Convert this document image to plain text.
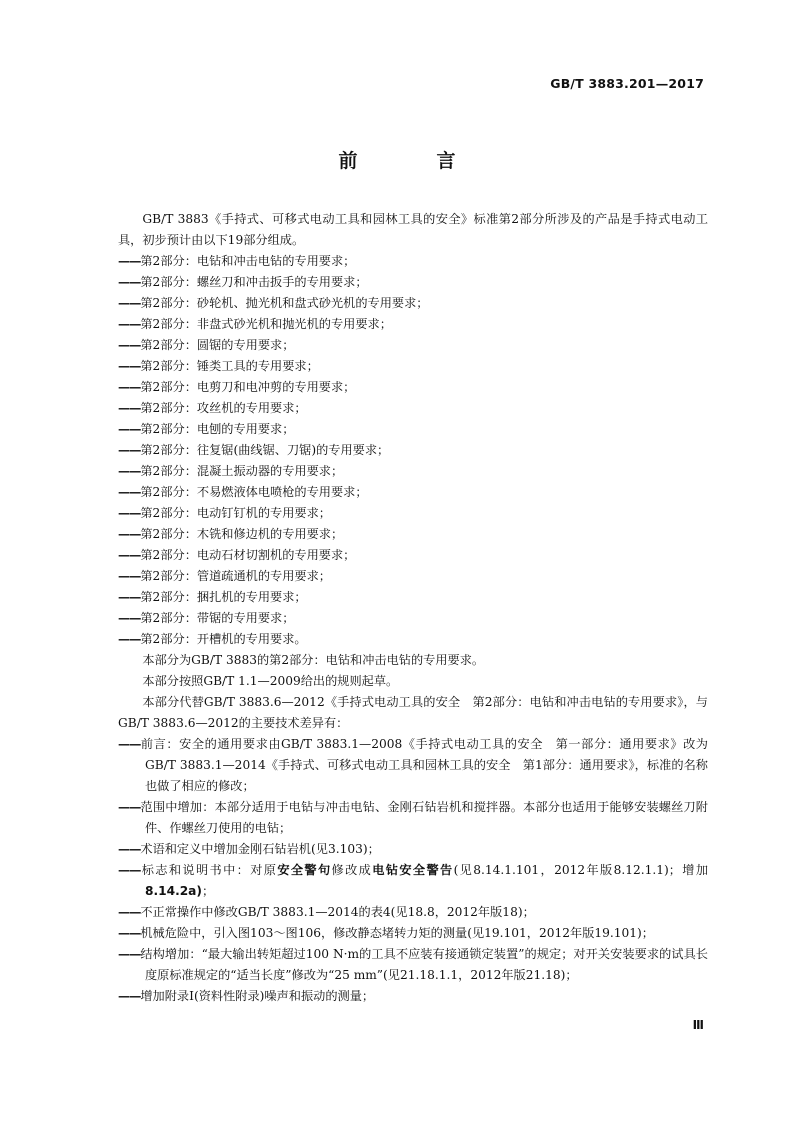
GB/T 3883.201—2017
前　言

GB/T 3883《手持式、可移式电动工具和园林工具的安全》标准第2部分所涉及的产品是手持式电动工具，初步预计由以下19部分组成。

——第2部分：电钻和冲击电钻的专用要求；

——第2部分：螺丝刀和冲击扳手的专用要求；

——第2部分：砂轮机、抛光机和盘式砂光机的专用要求；

——第2部分：非盘式砂光机和抛光机的专用要求；

——第2部分：圆锯的专用要求；

——第2部分：锤类工具的专用要求；

——第2部分：电剪刀和电冲剪的专用要求；

——第2部分：攻丝机的专用要求；

——第2部分：电刨的专用要求；

——第2部分：往复锯(曲线锯、刀锯)的专用要求；

——第2部分：混凝土振动器的专用要求；

——第2部分：不易燃液体电喷枪的专用要求；

——第2部分：电动钉钉机的专用要求；

——第2部分：木铣和修边机的专用要求；

——第2部分：电动石材切割机的专用要求；

——第2部分：管道疏通机的专用要求；

——第2部分：捆扎机的专用要求；

——第2部分：带锯的专用要求；

——第2部分：开槽机的专用要求。

本部分为GB/T 3883的第2部分：电钻和冲击电钻的专用要求。

本部分按照GB/T 1.1—2009给出的规则起草。

本部分代替GB/T 3883.6—2012《手持式电动工具的安全　第2部分：电钻和冲击电钻的专用要求》，与GB/T 3883.6—2012的主要技术差异有：

——前言：安全的通用要求由GB/T 3883.1—2008《手持式电动工具的安全　第一部分：通用要求》改为GB/T 3883.1—2014《手持式、可移式电动工具和园林工具的安全　第1部分：通用要求》，标准的名称也做了相应的修改；

——范围中增加：本部分适用于电钻与冲击电钻、金刚石钻岩机和搅拌器。本部分也适用于能够安装螺丝刀附件、作螺丝刀使用的电钻；

——术语和定义中增加金刚石钻岩机(见3.103)；

——标志和说明书中：对原安全警句修改成电钻安全警告(见8.14.1.101，2012年版8.12.1.1)；增加8.14.2a)；

——不正常操作中修改GB/T 3883.1—2014的表4(见18.8，2012年版18)；

——机械危险中，引入图103～图106，修改静态堵转力矩的测量(见19.101，2012年版19.101)；

——结构增加：“最大输出转矩超过100 N·m的工具不应装有接通锁定装置”的规定；对开关安装要求的试具长度原标准规定的“适当长度”修改为“25 mm”(见21.18.1.1，2012年版21.18)；

——增加附录I(资料性附录)噪声和振动的测量；

Ⅲ
